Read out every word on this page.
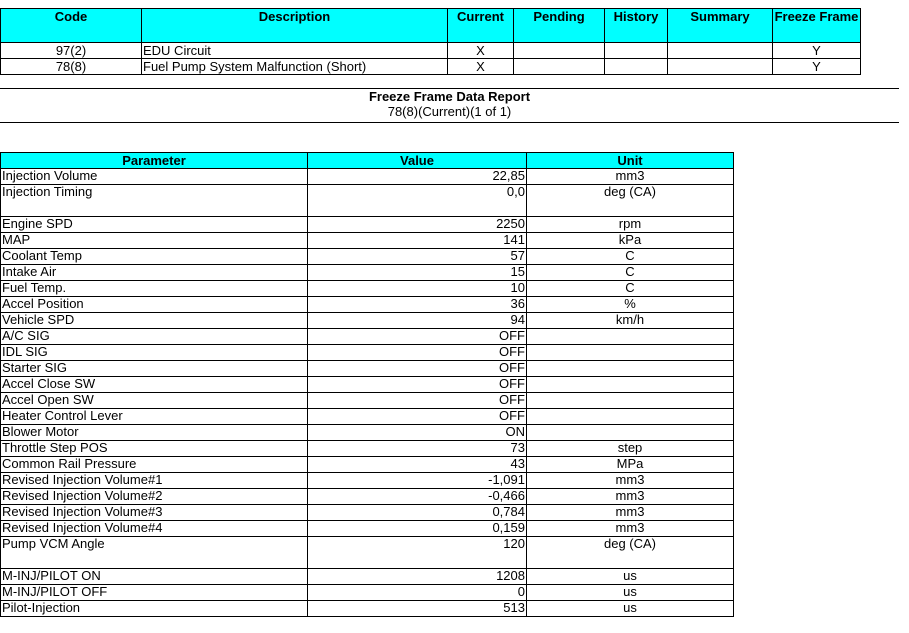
Code	Description	Current	Pending	History	Summary	Freeze Frame
97(2)	EDU Circuit	X				Y
78(8)	Fuel Pump System Malfunction (Short)	X				Y
Freeze Frame Data Report
78(8)(Current)(1 of 1)
Parameter	Value	Unit
Injection Volume	22,85	mm3
Injection Timing	0,0	deg (CA)
Engine SPD	2250	rpm
MAP	141	kPa
Coolant Temp	57	C
Intake Air	15	C
Fuel Temp.	10	C
Accel Position	36	%
Vehicle SPD	94	km/h
A/C SIG	OFF	
IDL SIG	OFF	
Starter SIG	OFF	
Accel Close SW	OFF	
Accel Open SW	OFF	
Heater Control Lever	OFF	
Blower Motor	ON	
Throttle Step POS	73	step
Common Rail Pressure	43	MPa
Revised Injection Volume#1	-1,091	mm3
Revised Injection Volume#2	-0,466	mm3
Revised Injection Volume#3	0,784	mm3
Revised Injection Volume#4	0,159	mm3
Pump VCM Angle	120	deg (CA)
M-INJ/PILOT ON	1208	us
M-INJ/PILOT OFF	0	us
Pilot-Injection	513	us
